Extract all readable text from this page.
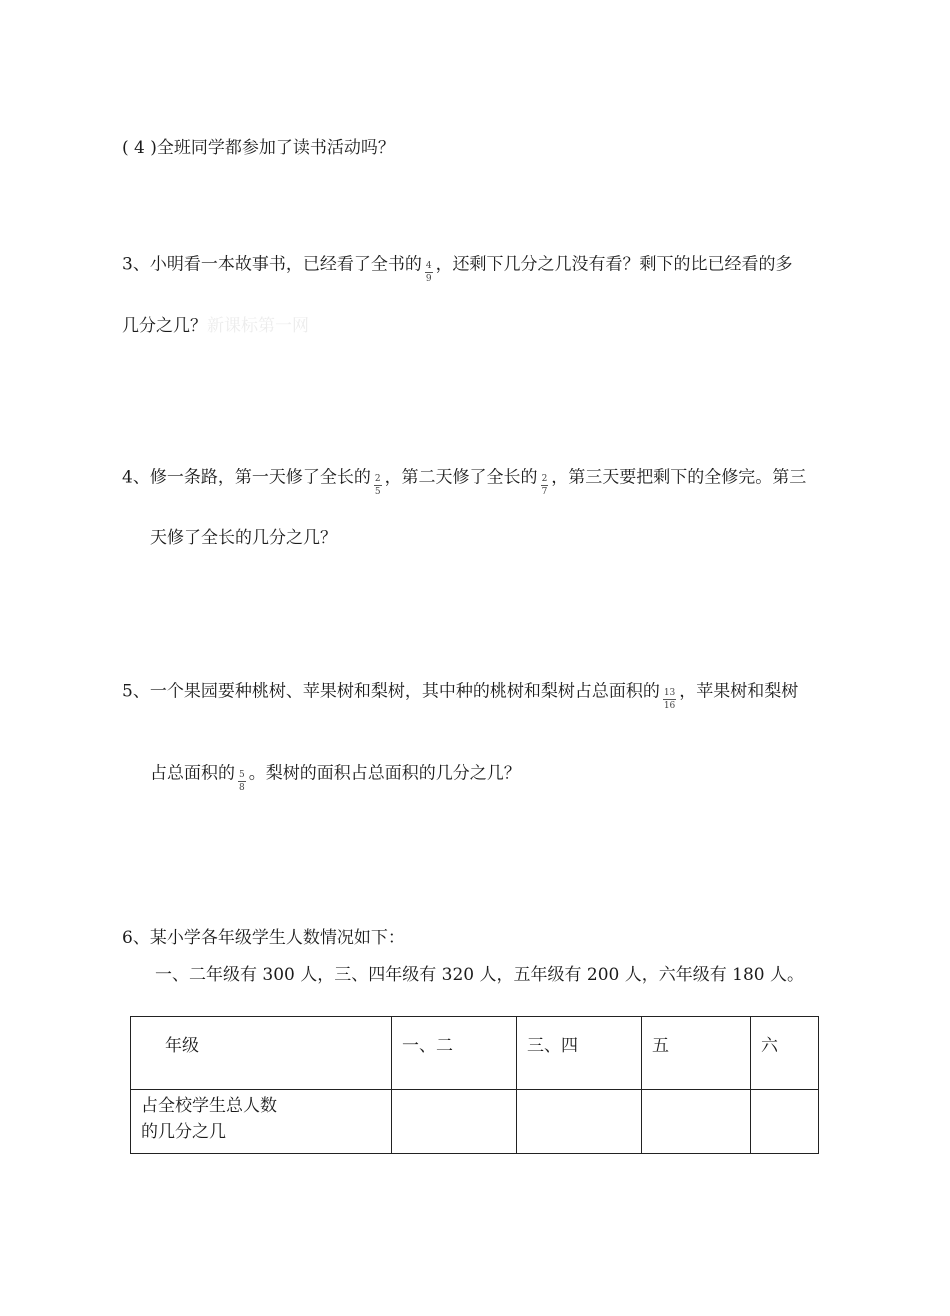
( 4 )全班同学都参加了读书活动吗？
3、小明看一本故事书，已经看了全书的 $\frac{4}{9}$ ，还剩下几分之几没有看？剩下的比已经看的多
几分之几？新课标第一网
4、修一条路，第一天修了全长的 $\frac{2}{5}$ ，第二天修了全长的 $\frac{2}{7}$ ，第三天要把剩下的全修完。第三
天修了全长的几分之几？
5、一个果园要种桃树、苹果树和梨树，其中种的桃树和梨树占总面积的 $\frac{13}{16}$ ，苹果树和梨树
占总面积的 $\frac{5}{8}$ 。梨树的面积占总面积的几分之几？
6、某小学各年级学生人数情况如下：
一、二年级有 300 人，三、四年级有 320 人，五年级有 200 人，六年级有 180 人。
年级	一、二	三、四	五	六

占全校学生总人数
的几分之几				
